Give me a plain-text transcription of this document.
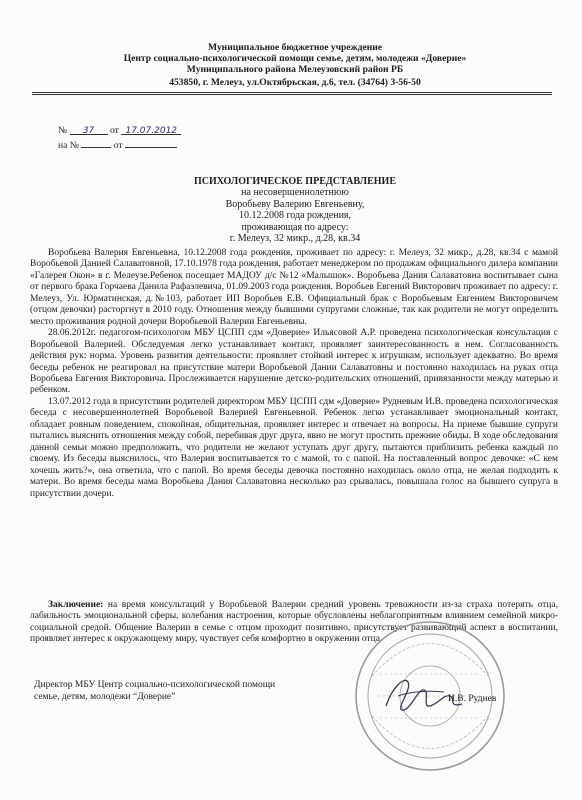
Муниципальное бюджетное учреждение
Центр социально-психологической помощи семье, детям, молодежи «Доверие»
Муниципального района Мелеузовский район РБ
453850, г. Мелеуз, ул.Октябрьская, д.6, тел. (34764) 3-56-50
№ 37 от 17.07.2012
на №	от
ПСИХОЛОГИЧЕСКОЕ ПРЕДСТАВЛЕНИЕ
на несовершеннолетнюю
Воробьеву Валерию Евгеньевну,
10.12.2008 года рождения,
проживающая по адресу:
г. Мелеуз, 32 микр., д.28, кв.34

Воробьева Валерия Евгеньевна, 10.12.2008 года рождения, проживает по адресу: г. Мелеуз, 32 микр., д.28, кв.34 с мамой Воробьевой Данией Салаватовной, 17.10.1978 года рождения, работает менеджером по продажам официального дилера компании «Галерея Окон» в г. Мелеузе.Ребенок посещает МАДОУ д/с №12 «Малышок». Воробьева Дания Салаватовна воспитывает сына от первого брака Горчаева Данила Рафаэлевича, 01.09.2003 года рождения. Воробьев Евгений Викторович проживает по адресу: г. Мелеуз, Ул. Юрматинская, д.№103, работает ИП Воробьев Е.В. Официальный брак с Воробьевым Евгением Викторовичем (отцом девочки) расторгнут в 2010 году. Отношения между бывшими супругами сложные, так как родители не могут определить место проживания родной дочери Воробьевой Валерии Евгеньевны.

28.06.2012г. педагогом-психологом МБУ ЦСПП сдм «Доверие» Ильясовой А.Р. проведена психологическая консультация с Воробьевой Валерией. Обследуемая легко устанавливает контакт, проявляет заинтересованность в нем. Согласованность действия рук: норма. Уровень развития деятельности: проявляет стойкий интерес к игрушкам, использует адекватно. Во время беседы ребенок не реагировал на присутствие матери Воробьевой Дании Салаватовны и постоянно находилась на руках отца Воробьева Евгения Викторовича. Прослеживается нарушение детско-родительских отношений, привязанности между матерью и ребенком.

13.07.2012 года в присутствии родителей директором МБУ ЦСПП сдм «Доверие» Рудневым И.В. проведена психологическая беседа с несовершеннолетней Воробьевой Валерией Евгеньевной. Ребенок легко устанавливает эмоциональный контакт, обладает ровным поведением, спокойная, общительная, проявляет интерес и отвечает на вопросы. На приеме бывшие супруги пытались выяснить отношения между собой, перебивая друг друга, явно не могут простить прежние обиды. В ходе обследования данной семьи можно предположить, что родители не желают уступать друг другу, пытаются приблизить ребенка каждый по своему. Из беседы выяснилось, что Валерия воспитывается то с мамой, то с папой. На поставленный вопрос девочке: «С кем хочешь жить?», она ответила, что с папой. Во время беседы девочка постоянно находилась около отца, не желая подходить к матери. Во время беседы мама Воробьева Дания Салаватовна несколько раз срывалась, повышала голос на бывшего супруга в присутствии дочери.

Заключение: на время консультаций у Воробьевой Валерии средний уровень тревожности из-за страха потерять отца, лабильность эмоциональной сферы, колебания настроения, которые обусловлены неблагоприятным влиянием семейной микро-социальной средой. Общение Валерии в семье с отцом проходит позитивно, присутствует развивающий аспект в воспитании, проявляет интерес к окружающему миру, чувствует себя комфортно в окружении отца.

Директор МБУ Центр социально-психологической помощи
семье, детям, молодежи “Доверие”	И.В. Руднев
